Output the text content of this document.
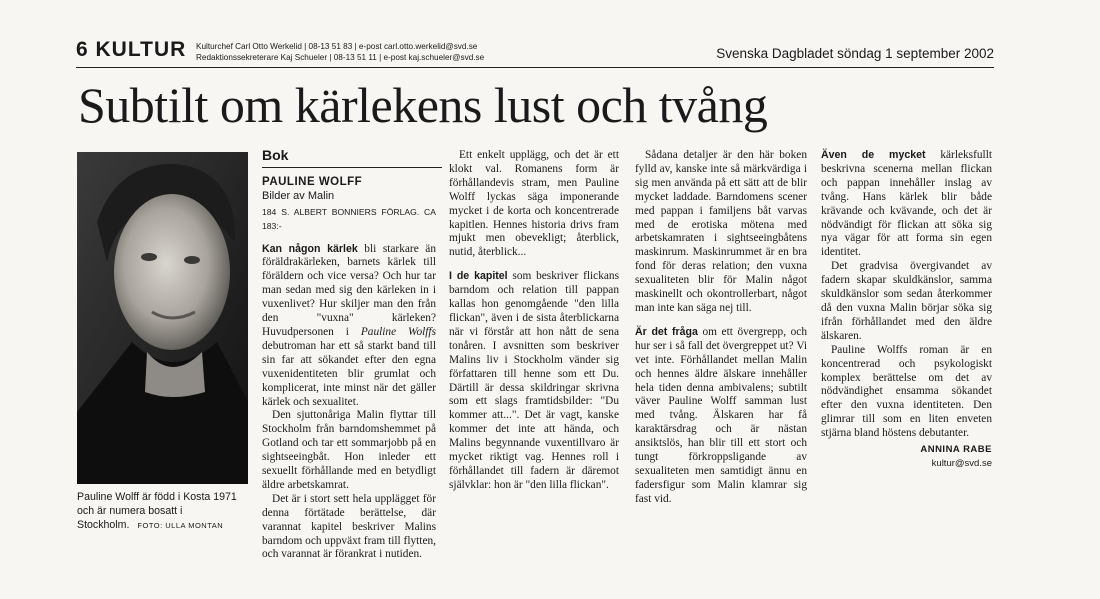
6 KULTUR Kulturchef Carl Otto Werkelid | 08-13 51 83 | e-post carl.otto.werkelid@svd.se
Redaktionssekreterare Kaj Schueler | 08-13 51 11 | e-post kaj.schueler@svd.se	Svenska Dagbladet söndag 1 september 2002
Subtilt om kärlekens lust och tvång
Pauline Wolff är född i Kosta 1971 och är numera bosatt i Stockholm. FOTO: ULLA MONTAN
Bok
PAULINE WOLFF
Bilder av Malin
184 S. ALBERT BONNIERS FÖRLAG. CA 183:-

Kan någon kärlek bli starkare än föräldrakärleken, barnets kärlek till föräldern och vice versa? Och hur tar man sedan med sig den kärleken in i vuxenlivet? Hur skiljer man den från den "vuxna" kärleken? Huvudpersonen i Pauline Wolffs debutroman har ett så starkt band till sin far att sökandet efter den egna vuxenidentiteten blir grumlat och komplicerat, inte minst när det gäller kärlek och sexualitet.

Den sjuttonåriga Malin flyttar till Stockholm från barndomshemmet på Gotland och tar ett sommarjobb på en sightseeingbåt. Hon inleder ett sexuellt förhållande med en betydligt äldre arbetskamrat.

Det är i stort sett hela upplägget för denna förtätade berättelse, där varannat kapitel beskriver Malins barndom och uppväxt fram till flytten, och varannat är förankrat i nutiden.

Ett enkelt upplägg, och det är ett klokt val. Romanens form är förhållandevis stram, men Pauline Wolff lyckas säga imponerande mycket i de korta och koncentrerade kapitlen. Hennes historia drivs fram mjukt men obevekligt; återblick, nutid, återblick...

I de kapitel som beskriver flickans barndom och relation till pappan kallas hon genomgående "den lilla flickan", även i de sista återblickarna när vi förstår att hon nått de sena tonåren. I avsnitten som beskriver Malins liv i Stockholm vänder sig författaren till henne som ett Du. Därtill är dessa skildringar skrivna som ett slags framtidsbilder: "Du kommer att...". Det är vagt, kanske kommer det inte att hända, och Malins begynnande vuxentillvaro är mycket riktigt vag. Hennes roll i förhållandet till fadern är däremot självklar: hon är "den lilla flickan".

Sådana detaljer är den här boken fylld av, kanske inte så märkvärdiga i sig men använda på ett sätt att de blir mycket laddade. Barndomens scener med pappan i familjens båt varvas med de erotiska mötena med arbetskamraten i sightseeingbåtens maskinrum. Maskinrummet är en bra fond för deras relation; den vuxna sexualiteten blir för Malin något maskinellt och okontrollerbart, något man inte kan säga nej till.

Är det fråga om ett övergrepp, och hur ser i så fall det övergreppet ut? Vi vet inte. Förhållandet mellan Malin och hennes äldre älskare innehåller hela tiden denna ambivalens; subtilt väver Pauline Wolff samman lust med tvång. Älskaren har få karaktärsdrag och är nästan ansiktslös, han blir till ett stort och tungt förkroppsligande av sexualiteten men samtidigt ännu en fadersfigur som Malin klamrar sig fast vid.

Även de mycket kärleksfullt beskrivna scenerna mellan flickan och pappan innehåller inslag av tvång. Hans kärlek blir både krävande och kvävande, och det är nödvändigt för flickan att söka sig nya vägar för att forma sin egen identitet.

Det gradvisa övergivandet av fadern skapar skuldkänslor, samma skuldkänslor som sedan återkommer då den vuxna Malin börjar söka sig ifrån förhållandet med den äldre älskaren.

Pauline Wolffs roman är en koncentrerad och psykologiskt komplex berättelse om det av nödvändighet ensamma sökandet efter den vuxna identiteten. Den glimrar till som en liten enveten stjärna bland höstens debutanter.

ANNINA RABE
kultur@svd.se
